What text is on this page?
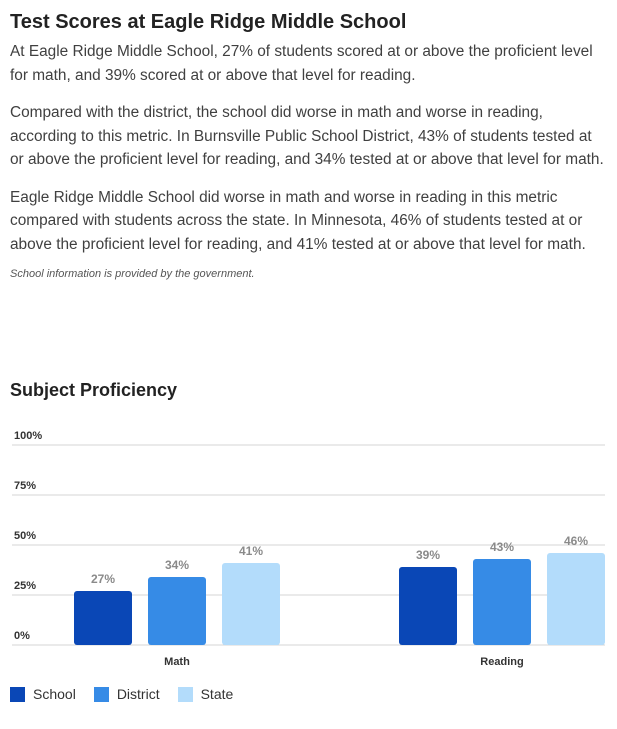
Test Scores at Eagle Ridge Middle School

At Eagle Ridge Middle School, 27% of students scored at or above the proficient level for math, and 39% scored at or above that level for reading.

Compared with the district, the school did worse in math and worse in reading, according to this metric. In Burnsville Public School District, 43% of students tested at or above the proficient level for reading, and 34% tested at or above that level for math.

Eagle Ridge Middle School did worse in math and worse in reading in this metric compared with students across the state. In Minnesota, 46% of students tested at or above the proficient level for reading, and 41% tested at or above that level for math.

School information is provided by the government.

Subject Proficiency
0%
25%
50%
75%
100%
27%
34%
41%
Math
39%
43%	46%
Reading
School	District	State
